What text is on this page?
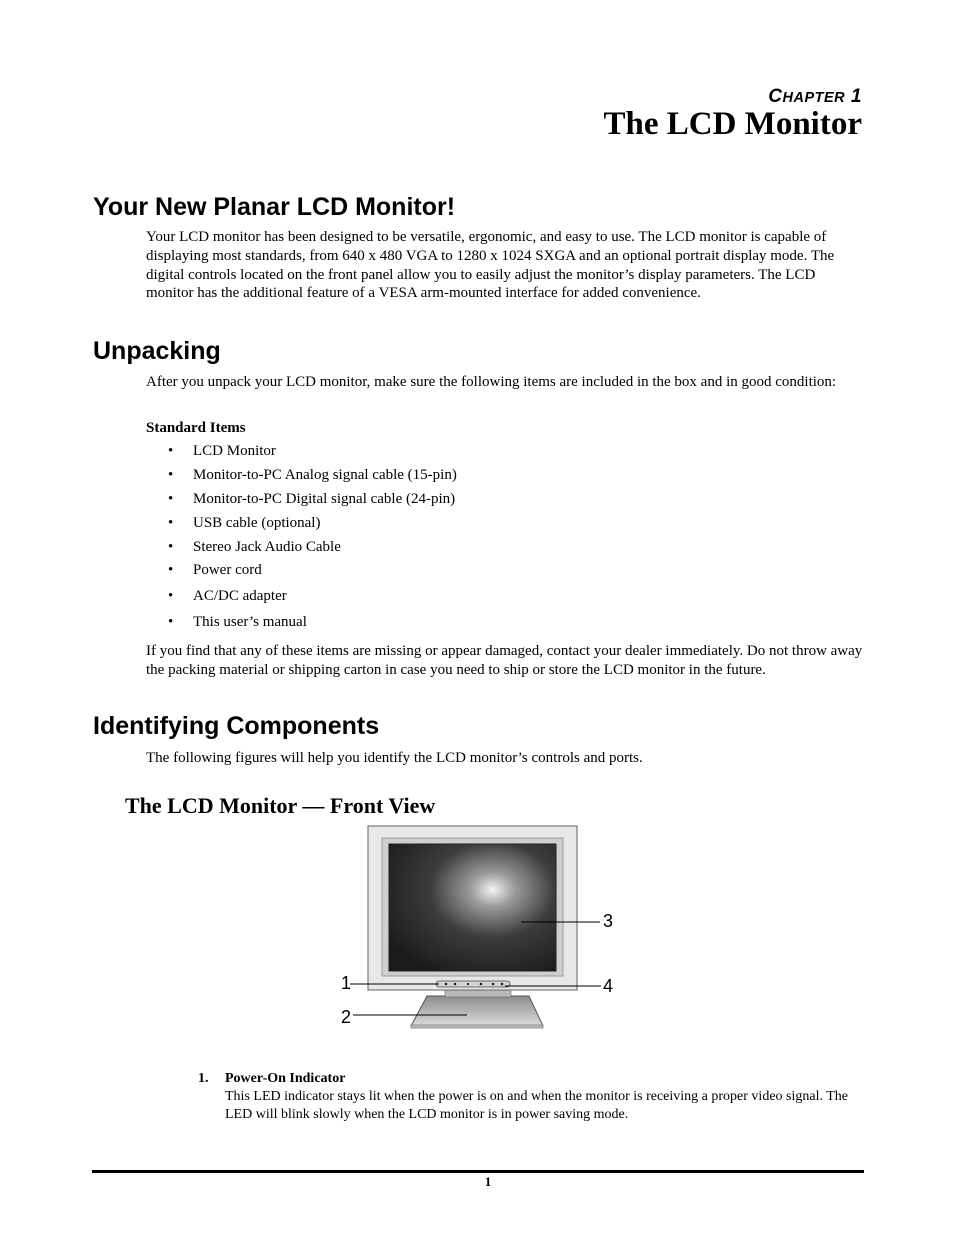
CHAPTER 1
The LCD Monitor
Your New Planar LCD Monitor!

Your LCD monitor has been designed to be versatile, ergonomic, and easy to use. The LCD monitor is capable of displaying most standards, from 640 x 480 VGA to 1280 x 1024 SXGA and an optional portrait display mode. The digital controls located on the front panel allow you to easily adjust the monitor’s display parameters. The LCD monitor has the additional feature of a VESA arm-mounted interface for added convenience.

Unpacking

After you unpack your LCD monitor, make sure the following items are included in the box and in good condition:

Standard Items
• LCD Monitor
• Monitor-to-PC Analog signal cable (15-pin)
• Monitor-to-PC Digital signal cable (24-pin)
• USB cable (optional)
• Stereo Jack Audio Cable
• Power cord
• AC/DC adapter
• This user’s manual

If you find that any of these items are missing or appear damaged, contact your dealer immediately. Do not throw away the packing material or shipping carton in case you need to ship or store the LCD monitor in the future.

Identifying Components

The following figures will help you identify the LCD monitor’s controls and ports.

The LCD Monitor — Front View
1
2
3
4
1. Power-On Indicator
This LED indicator stays lit when the power is on and when the monitor is receiving a proper video signal. The LED will blink slowly when the LCD monitor is in power saving mode.
1
